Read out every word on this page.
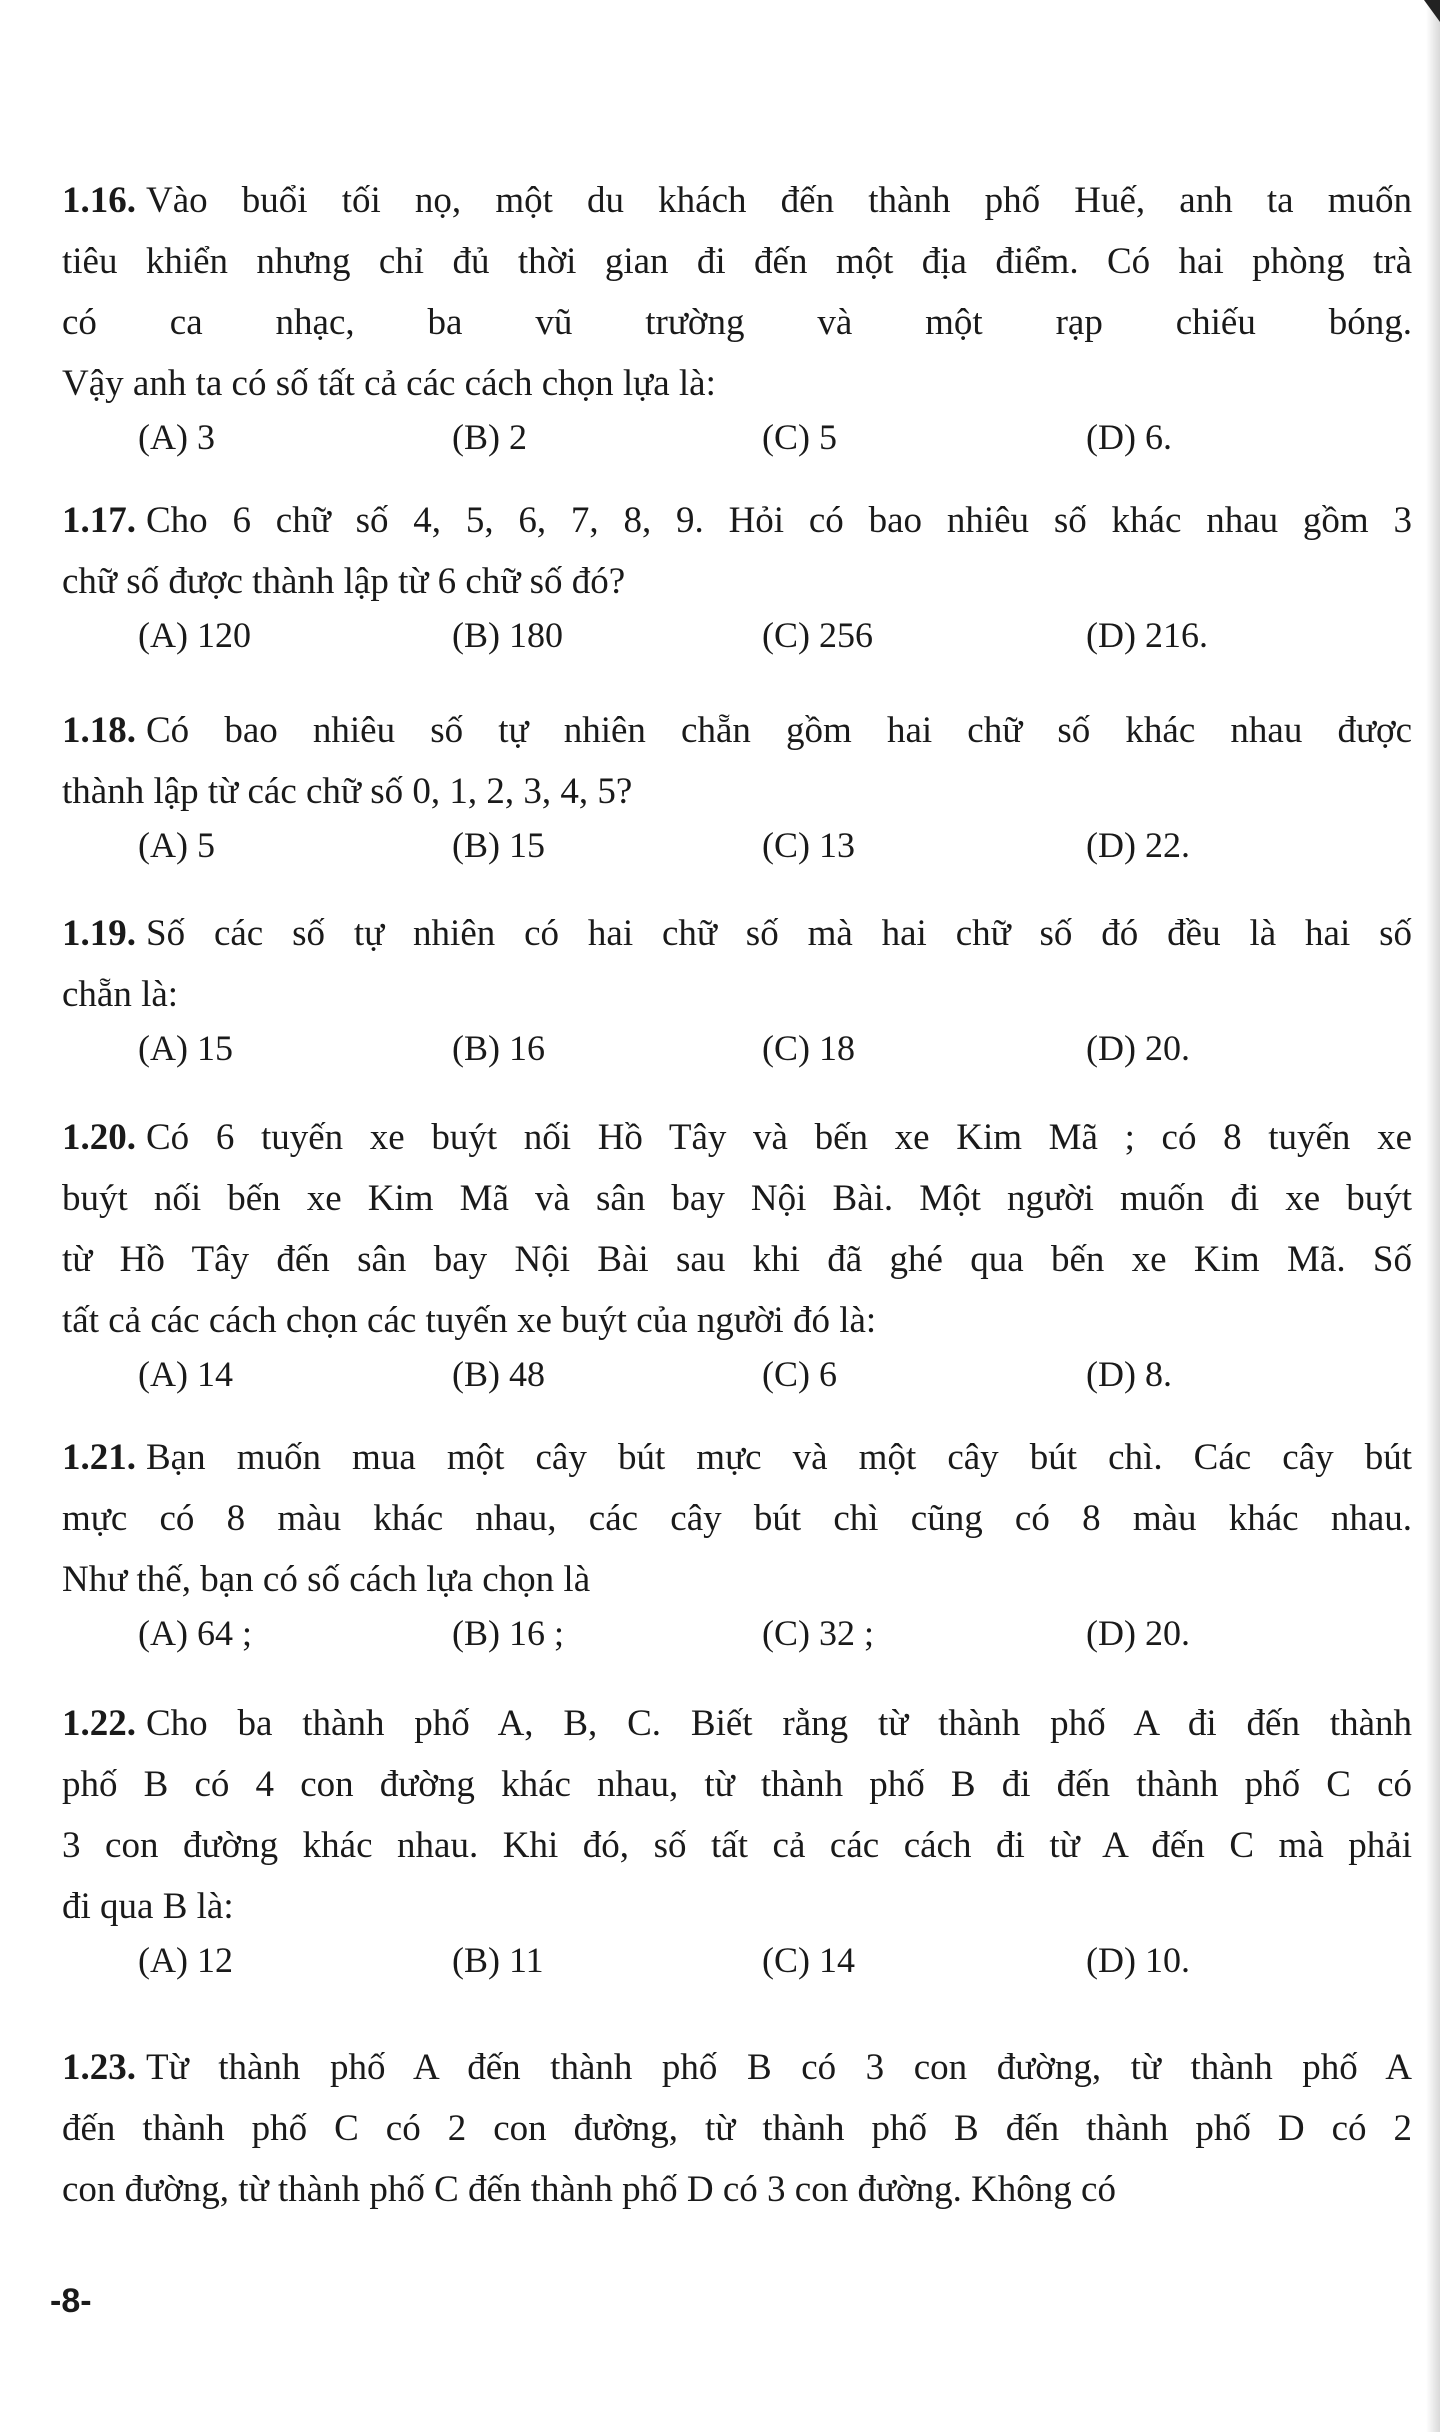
1.16. Vào buổi tối nọ, một du khách đến thành phố Huế, anh ta muốn
tiêu khiển nhưng chỉ đủ thời gian đi đến một địa điểm. Có hai phòng trà
có ca nhạc, ba vũ trường và một rạp chiếu bóng.
Vậy anh ta có số tất cả các cách chọn lựa là:
(A) 3	(B) 2	(C) 5	(D) 6.
1.17. Cho 6 chữ số 4, 5, 6, 7, 8, 9. Hỏi có bao nhiêu số khác nhau gồm 3
chữ số được thành lập từ 6 chữ số đó?
(A) 120	(B) 180	(C) 256	(D) 216.
1.18. Có bao nhiêu số tự nhiên chẵn gồm hai chữ số khác nhau được
thành lập từ các chữ số 0, 1, 2, 3, 4, 5?
(A) 5	(B) 15	(C) 13	(D) 22.
1.19. Số các số tự nhiên có hai chữ số mà hai chữ số đó đều là hai số
chẵn là:
(A) 15	(B) 16	(C) 18	(D) 20.
1.20. Có 6 tuyến xe buýt nối Hồ Tây và bến xe Kim Mã ; có 8 tuyến xe
buýt nối bến xe Kim Mã và sân bay Nội Bài. Một người muốn đi xe buýt
từ Hồ Tây đến sân bay Nội Bài sau khi đã ghé qua bến xe Kim Mã. Số
tất cả các cách chọn các tuyến xe buýt của người đó là:
(A) 14	(B) 48	(C) 6	(D) 8.
1.21. Bạn muốn mua một cây bút mực và một cây bút chì. Các cây bút
mực có 8 màu khác nhau, các cây bút chì cũng có 8 màu khác nhau.
Như thế, bạn có số cách lựa chọn là
(A) 64 ;	(B) 16 ;	(C) 32 ;	(D) 20.
1.22. Cho ba thành phố A, B, C. Biết rằng từ thành phố A đi đến thành
phố B có 4 con đường khác nhau, từ thành phố B đi đến thành phố C có
3 con đường khác nhau. Khi đó, số tất cả các cách đi từ A đến C mà phải
đi qua B là:
(A) 12	(B) 11	(C) 14	(D) 10.
1.23. Từ thành phố A đến thành phố B có 3 con đường, từ thành phố A
đến thành phố C có 2 con đường, từ thành phố B đến thành phố D có 2
con đường, từ thành phố C đến thành phố D có 3 con đường. Không có
-8-
